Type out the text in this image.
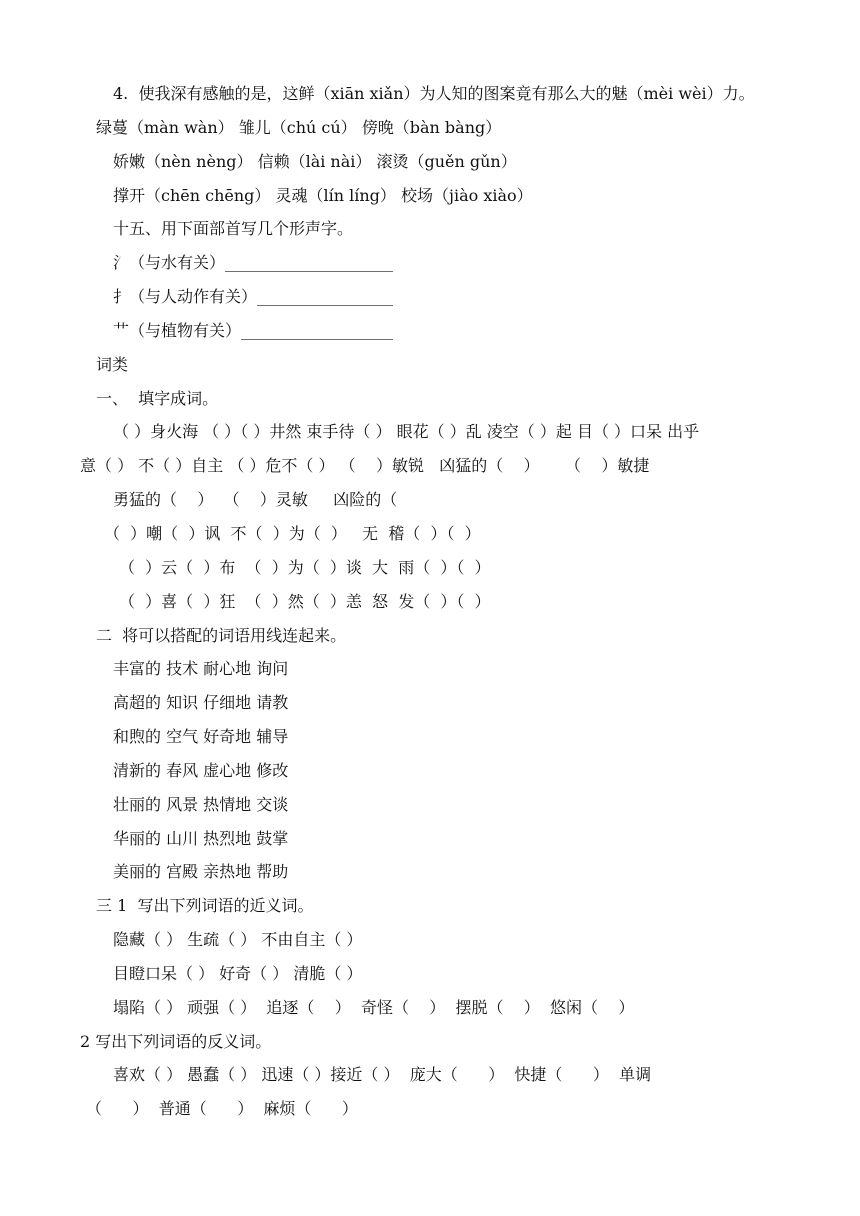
4.  使我深有感触的是，这鲜（xiān xiǎn）为人知的图案竟有那么大的魅（mèi wèi）力。
绿蔓（màn wàn） 雏儿（chú cú） 傍晚（bàn bàng）
娇嫩（nèn nèng） 信赖（lài nài） 滚烫（guěn gǔn）
撑开（chēn chēng） 灵魂（lín líng） 校场（jiào xiào）
十五、用下面部首写几个形声字。
氵（与水有关）_____________________
扌（与人动作有关）_________________
艹（与植物有关）___________________
词类
一、  填字成词。
（ ）身火海 （ ）（ ）井然 束手待（ ） 眼花（ ）乱 凌空（ ）起 目（ ）口呆 出乎
意（ ） 不（ ）自主 （ ）危不（ ） （    ）敏锐   凶猛的（    ）     （    ）敏捷
勇猛的（    ）  （    ）灵敏     凶险的（
（  ）嘲（  ）讽  不（  ）为（  ）   无  稽（  ）（  ）
（  ）云（  ）布  （  ）为（  ）谈  大  雨（  ）（  ）
（  ）喜（  ）狂  （  ）然（  ）恙  怒  发（  ）（  ）
二  将可以搭配的词语用线连起来。
丰富的 技术 耐心地 询问
高超的 知识 仔细地 请教
和煦的 空气 好奇地 辅导
清新的 春风 虚心地 修改
壮丽的 风景 热情地 交谈
华丽的 山川 热烈地 鼓掌
美丽的 宫殿 亲热地 帮助
三 1  写出下列词语的近义词。
隐藏（ ） 生疏（ ） 不由自主（ ）
目瞪口呆（ ） 好奇（ ） 清脆（ ）
塌陷（ ） 顽强（ ）  追逐（    ）  奇怪（    ）  摆脱（    ）  悠闲（    ）
2 写出下列词语的反义词。
喜欢（ ） 愚蠢（ ） 迅速（ ）接近（ ）  庞大（      ）  快捷（      ）  单调
（      ）  普通（      ）  麻烦（      ）
